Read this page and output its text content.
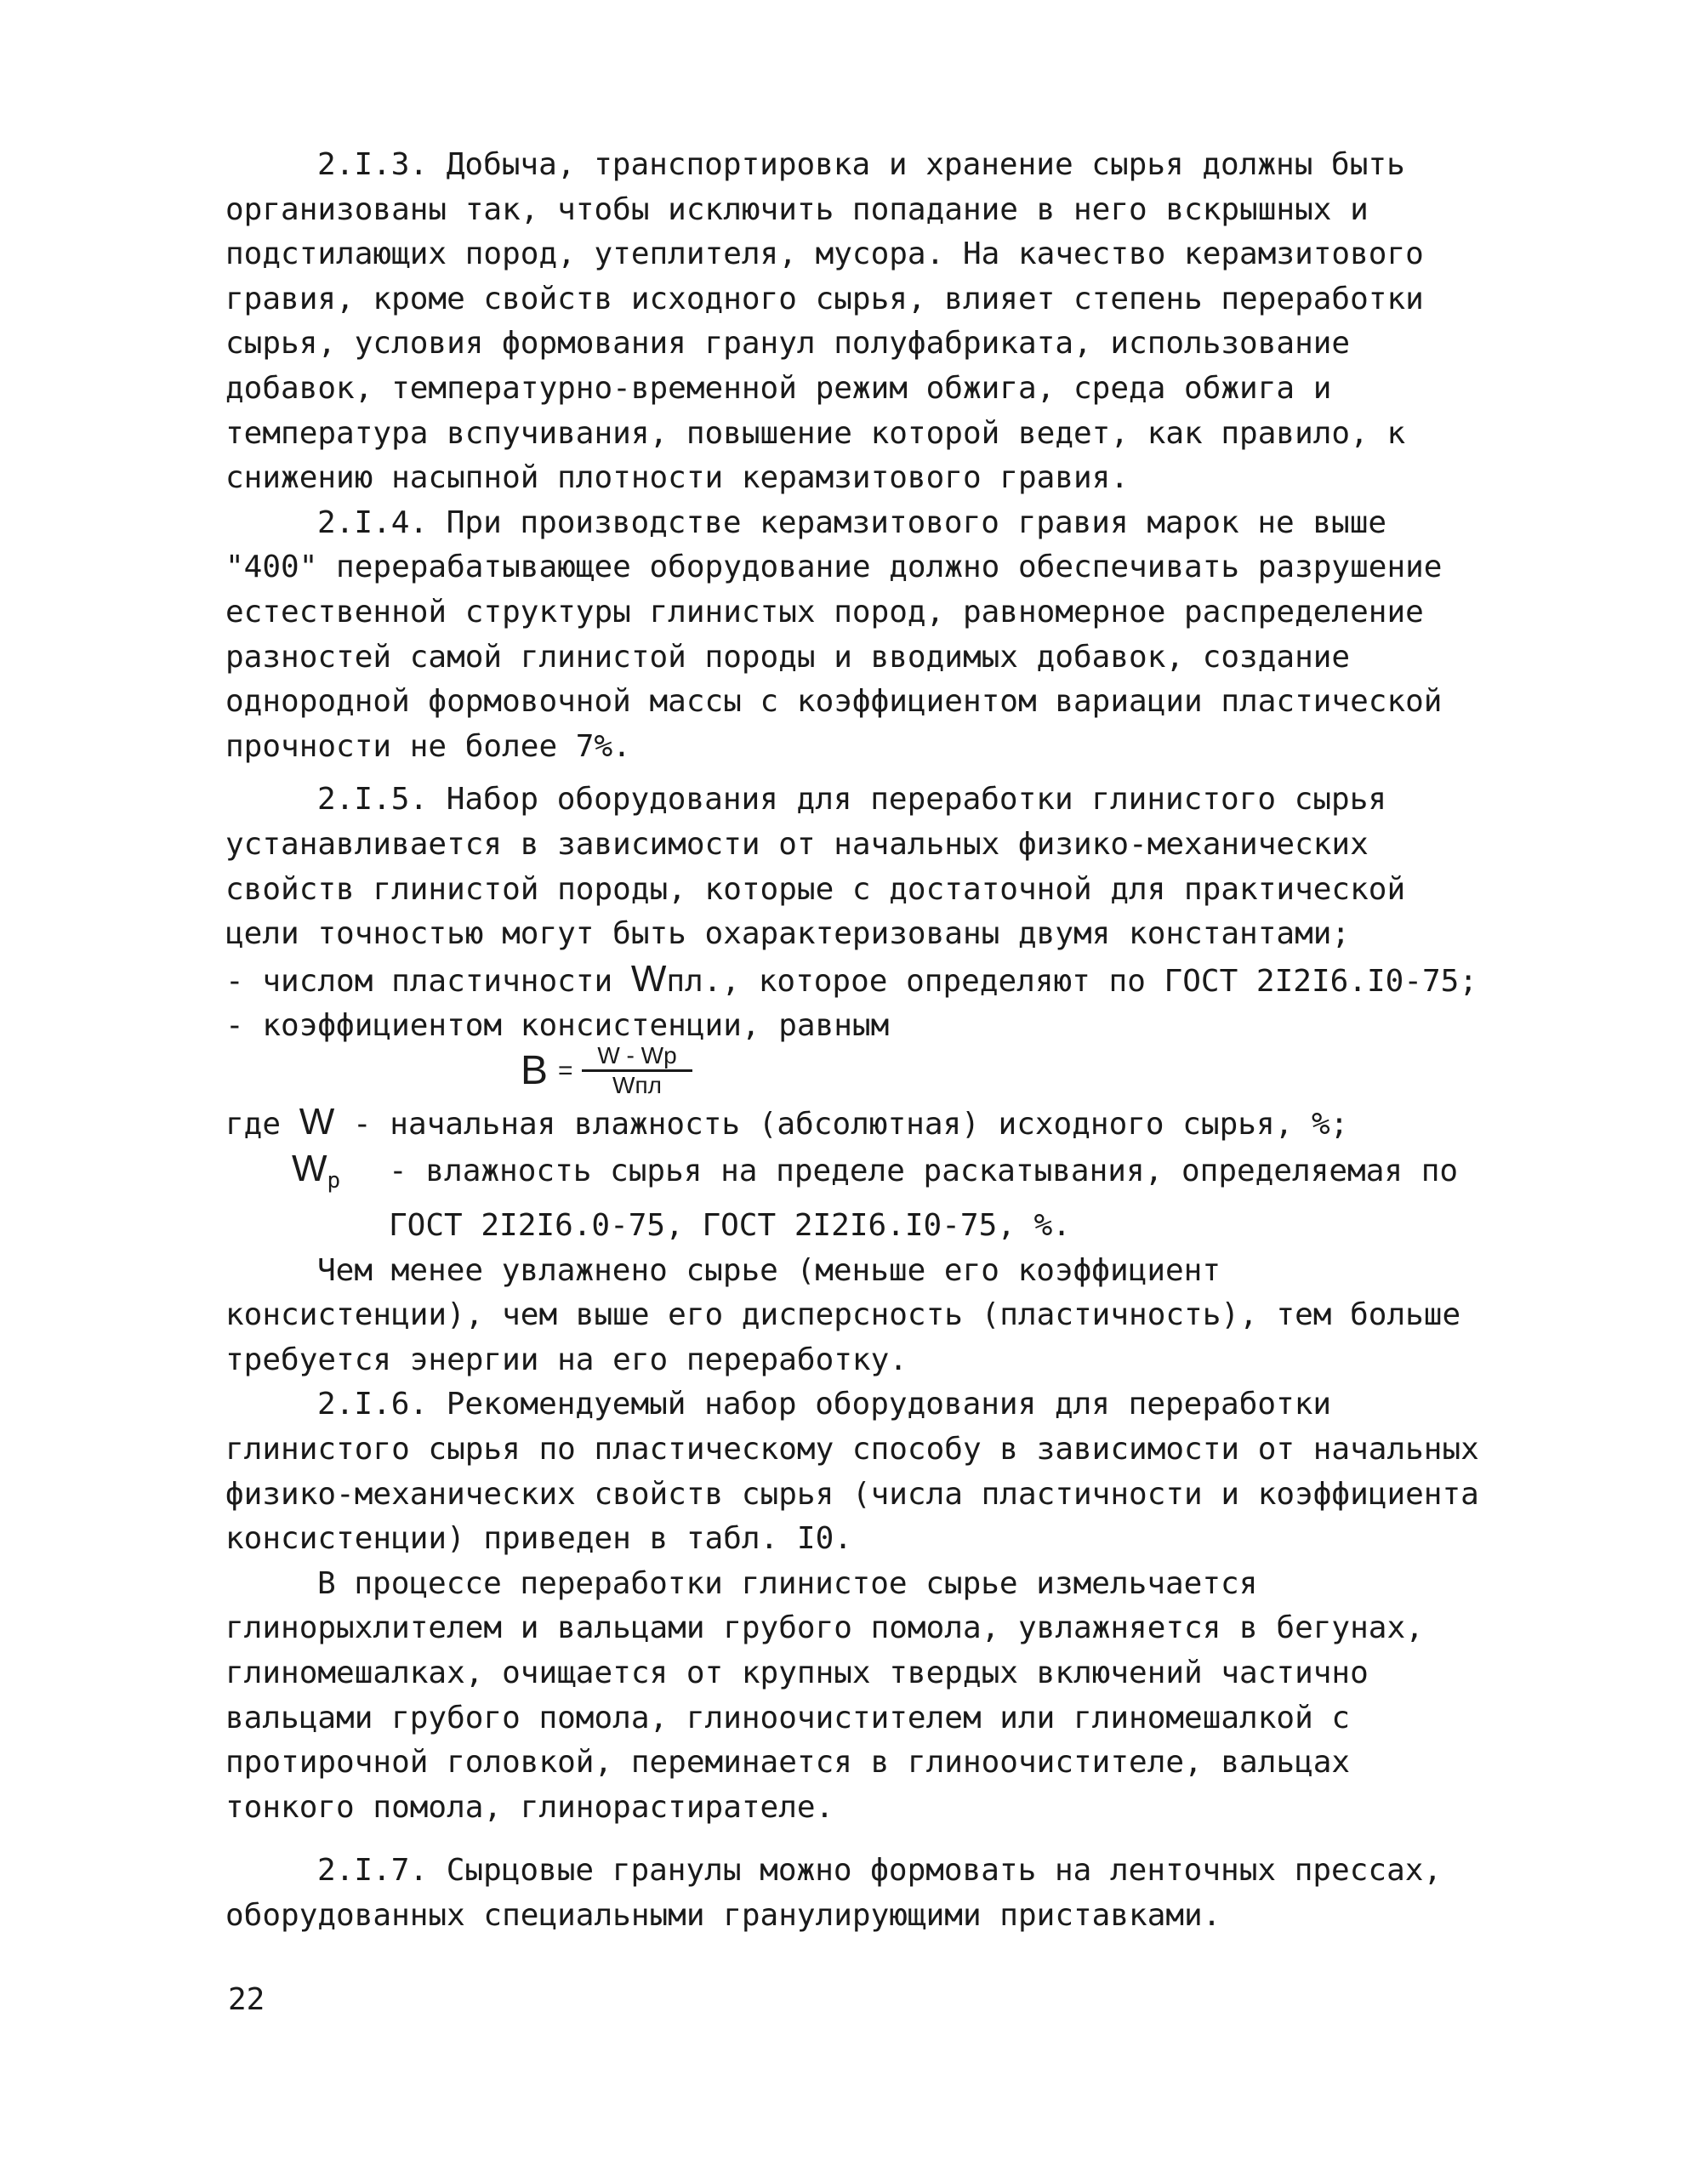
2.I.3. Добыча, транспортировка и хранение сырья должны быть организованы так, чтобы исключить попадание в него вскрышных и подстилающих пород, утеплителя, мусора. На качество керамзитового гравия, кроме свойств исходного сырья, влияет степень переработки сырья, условия формования гранул полуфабриката, использование добавок, температурно-временной режим обжига, среда обжига и температура вспучивания, повышение которой ведет, как правило, к снижению насыпной плотности керамзитового гравия.

2.I.4. При производстве керамзитового гравия марок не выше "400" перерабатывающее оборудование должно обеспечивать разрушение естественной структуры глинистых пород, равномерное распределение разностей самой глинистой породы и вводимых добавок, создание однородной формовочной массы с коэффициентом вариации пластической прочности не более 7%.

2.I.5. Набор оборудования для переработки глинистого сырья устанавливается в зависимости от начальных физико-механических свойств глинистой породы, которые с достаточной для практической цели точностью могут быть охарактеризованы двумя константами;

- числом пластичности Wпл., которое определяют по ГОСТ 2I2I6.I0-75;

- коэффициентом консистенции, равным

B =
W - Wp
Wпл

где W - начальная влажность (абсолютная) исходного сырья, %;

$W_p$ - влажность сырья на пределе раскатывания, определяемая по ГОСТ 2I2I6.0-75, ГОСТ 2I2I6.I0-75, %.

Чем менее увлажнено сырье (меньше его коэффициент консистенции), чем выше его дисперсность (пластичность), тем больше требуется энергии на его переработку.

2.I.6. Рекомендуемый набор оборудования для переработки глинистого сырья по пластическому способу в зависимости от начальных физико-механических свойств сырья (числа пластичности и коэффициента консистенции) приведен в табл. I0.

В процессе переработки глинистое сырье измельчается глинорыхлителем и вальцами грубого помола, увлажняется в бегунах, глиномешалках, очищается от крупных твердых включений частично вальцами грубого помола, глиноочистителем или глиномешалкой с протирочной головкой, переминается в глиноочистителе, вальцах тонкого помола, глинорастирателе.

2.I.7. Сырцовые гранулы можно формовать на ленточных прессах, оборудованных специальными гранулирующими приставками.

22
